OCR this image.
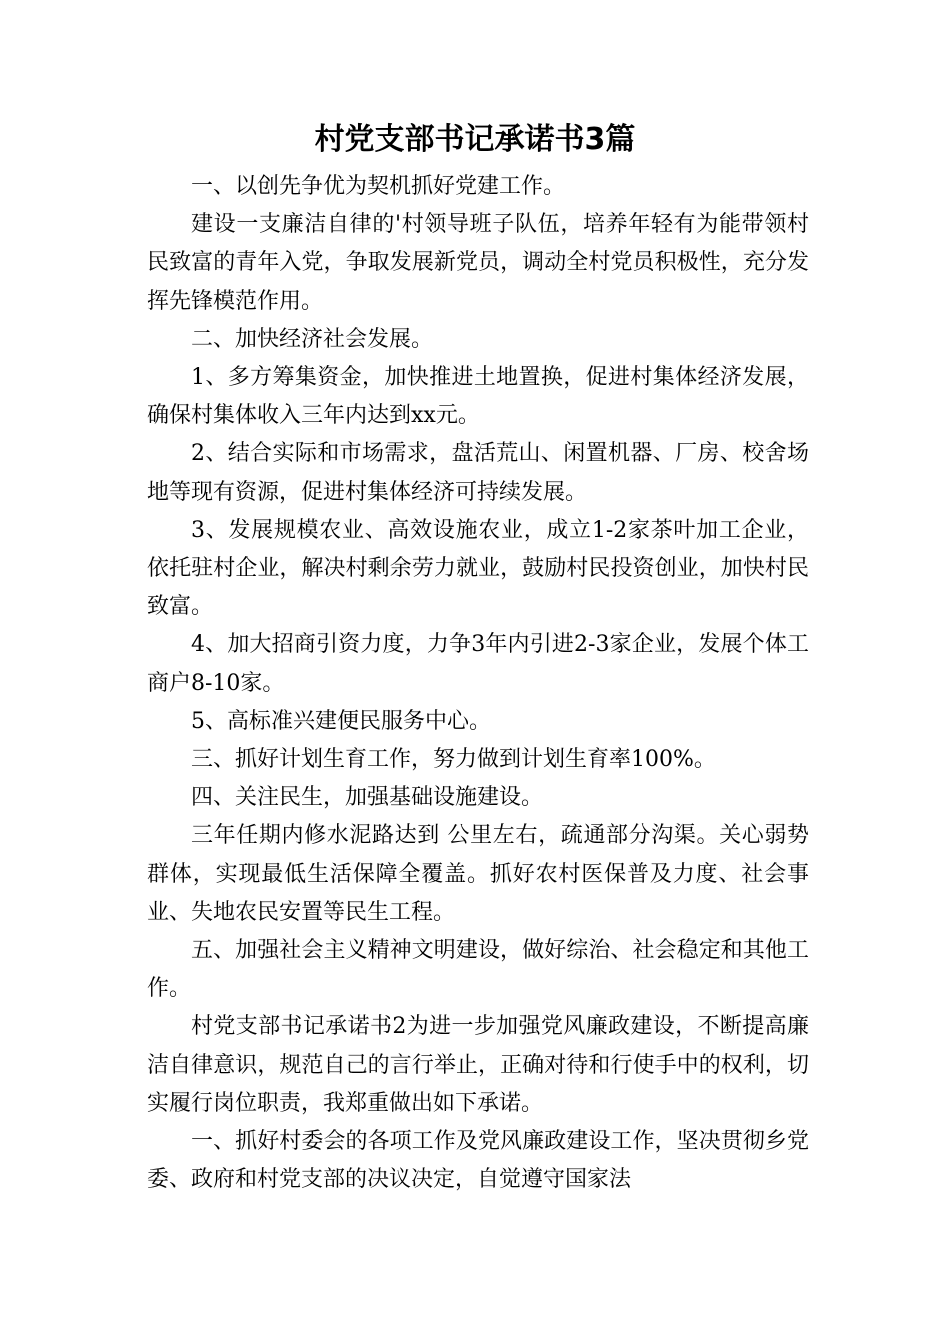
村党支部书记承诺书3篇

一、以创先争优为契机抓好党建工作。

建设一支廉洁自律的'村领导班子队伍，培养年轻有为能带领村民致富的青年入党，争取发展新党员，调动全村党员积极性，充分发挥先锋模范作用。

二、加快经济社会发展。

1、多方筹集资金，加快推进土地置换，促进村集体经济发展，确保村集体收入三年内达到xx元。

2、结合实际和市场需求，盘活荒山、闲置机器、厂房、校舍场地等现有资源，促进村集体经济可持续发展。

3、发展规模农业、高效设施农业，成立1-2家茶叶加工企业，依托驻村企业，解决村剩余劳力就业，鼓励村民投资创业，加快村民致富。

4、加大招商引资力度，力争3年内引进2-3家企业，发展个体工商户8-10家。

5、高标准兴建便民服务中心。

三、抓好计划生育工作，努力做到计划生育率100%。

四、关注民生，加强基础设施建设。

三年任期内修水泥路达到 公里左右，疏通部分沟渠。关心弱势群体，实现最低生活保障全覆盖。抓好农村医保普及力度、社会事业、失地农民安置等民生工程。

五、加强社会主义精神文明建设，做好综治、社会稳定和其他工作。

村党支部书记承诺书2为进一步加强党风廉政建设，不断提高廉洁自律意识，规范自己的言行举止，正确对待和行使手中的权利，切实履行岗位职责，我郑重做出如下承诺。

一、抓好村委会的各项工作及党风廉政建设工作，坚决贯彻乡党委、政府和村党支部的决议决定，自觉遵守国家法
